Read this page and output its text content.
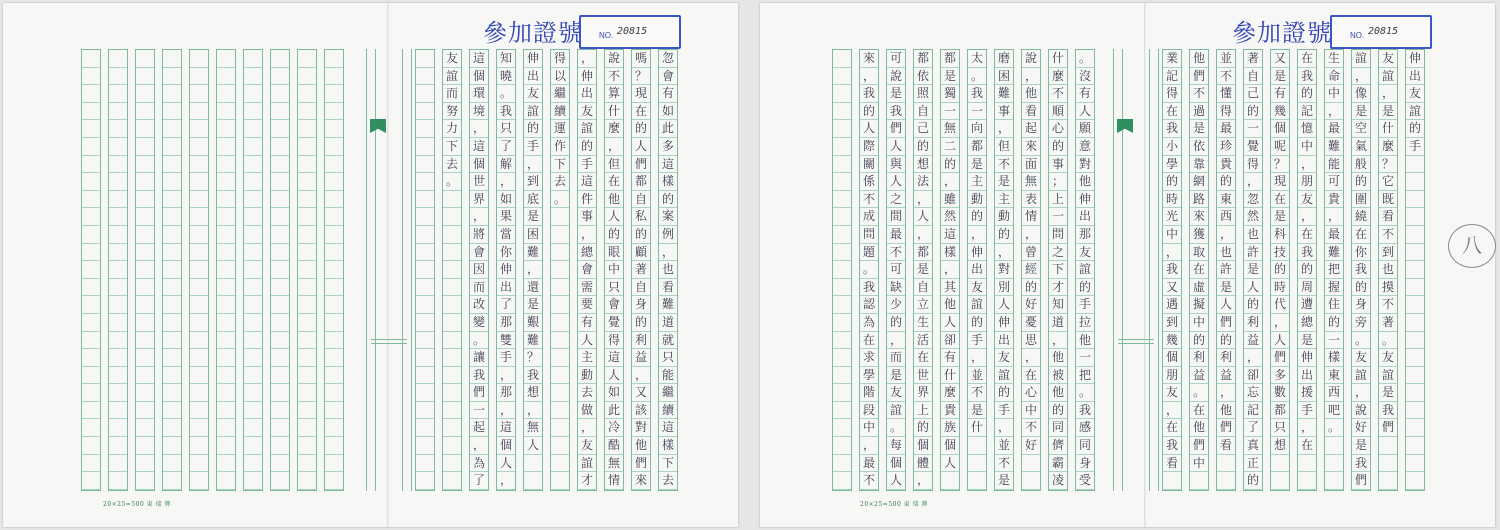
參加證號 NO. 20815
友
誼
而
努
力
下
去
。
這
個
環
境
，
這
個
世
界
，
將
會
因
而
改
變
。
讓
我
們
一
起
，
為
了
知
曉
。
我
只
了
解
，
如
果
當
你
伸
出
了
那
雙
手
，
那
，
這
個
人
，
伸
出
友
誼
的
手
，
到
底
是
困
難
，
還
是
艱
難
？
我
想
，
無
人
得
以
繼
續
運
作
下
去
。
，
伸
出
友
誼
的
手
這
件
事
，
總
會
需
要
有
人
主
動
去
做
，
友
誼
才
說
不
算
什
麼
，
但
在
他
人
的
眼
中
只
會
覺
得
這
人
如
此
冷
酷
無
情
嗎
？
現
在
的
人
們
都
自
私
的
顧
著
自
身
的
利
益
，
又
該
對
他
們
來
忽
會
有
如
此
多
這
樣
的
案
例
，
也
看
難
道
就
只
能
繼
續
這
樣
下
去
20×25=500 東 瑞 牌
參加證號 NO. 20815
來
，
我
的
人
際
關
係
不
成
問
題
。
我
認
為
在
求
學
階
段
中
，
最
不
可
說
是
我
們
人
與
人
之
間
最
不
可
缺
少
的
，
而
是
友
誼
。
每
個
人
都
依
照
自
己
的
想
法
，
人
，
都
是
自
立
生
活
在
世
界
上
的
個
體
，
都
是
獨
一
無
二
的
，
雖
然
這
樣
，
其
他
人
卻
有
什
麼
貴
族
個
人
太
。
我
一
向
都
是
主
動
的
，
伸
出
友
誼
的
手
，
並
不
是
什
磨
困
難
事
，
但
不
是
主
動
的
，
對
別
人
伸
出
友
誼
的
手
，
並
不
是
說
，
他
看
起
來
面
無
表
情
，
曾
經
的
好
憂
思
，
在
心
中
不
好
什
麼
不
順
心
的
事
；
上
一
問
之
下
才
知
道
，
他
被
他
的
同
儕
霸
凌
。
沒
有
人
願
意
對
他
伸
出
那
友
誼
的
手
拉
他
一
把
。
我
感
同
身
受
業
記
得
在
我
小
學
的
時
光
中
，
我
又
遇
到
幾
個
朋
友
，
在
我
看
他
們
不
過
是
依
靠
網
路
來
獲
取
在
虛
擬
中
的
利
益
。
在
他
們
中
並
不
懂
得
最
珍
貴
的
東
西
，
也
許
是
人
們
的
利
益
，
他
們
看
著
自
己
的
一
覺
得
，
忽
然
也
許
是
人
的
利
益
，
卻
忘
記
了
真
正
的
又
是
有
幾
個
呢
？
現
在
是
科
技
的
時
代
，
人
們
多
數
都
只
想
在
我
的
記
憶
中
，
朋
友
，
在
我
的
周
遭
總
是
伸
出
援
手
，
在
生
命
中
，
最
難
能
可
貴
，
最
難
把
握
住
的
一
樣
東
西
吧
。
誼
，
像
是
空
氣
般
的
圍
繞
在
你
我
的
身
旁
。
友
誼
，
說
好
是
我
們
友
誼
，
是
什
麼
？
它
既
看
不
到
也
摸
不
著
。
友
誼
是
我
們
伸
出
友
誼
的
手
20×25=500 東 瑞 牌
八
